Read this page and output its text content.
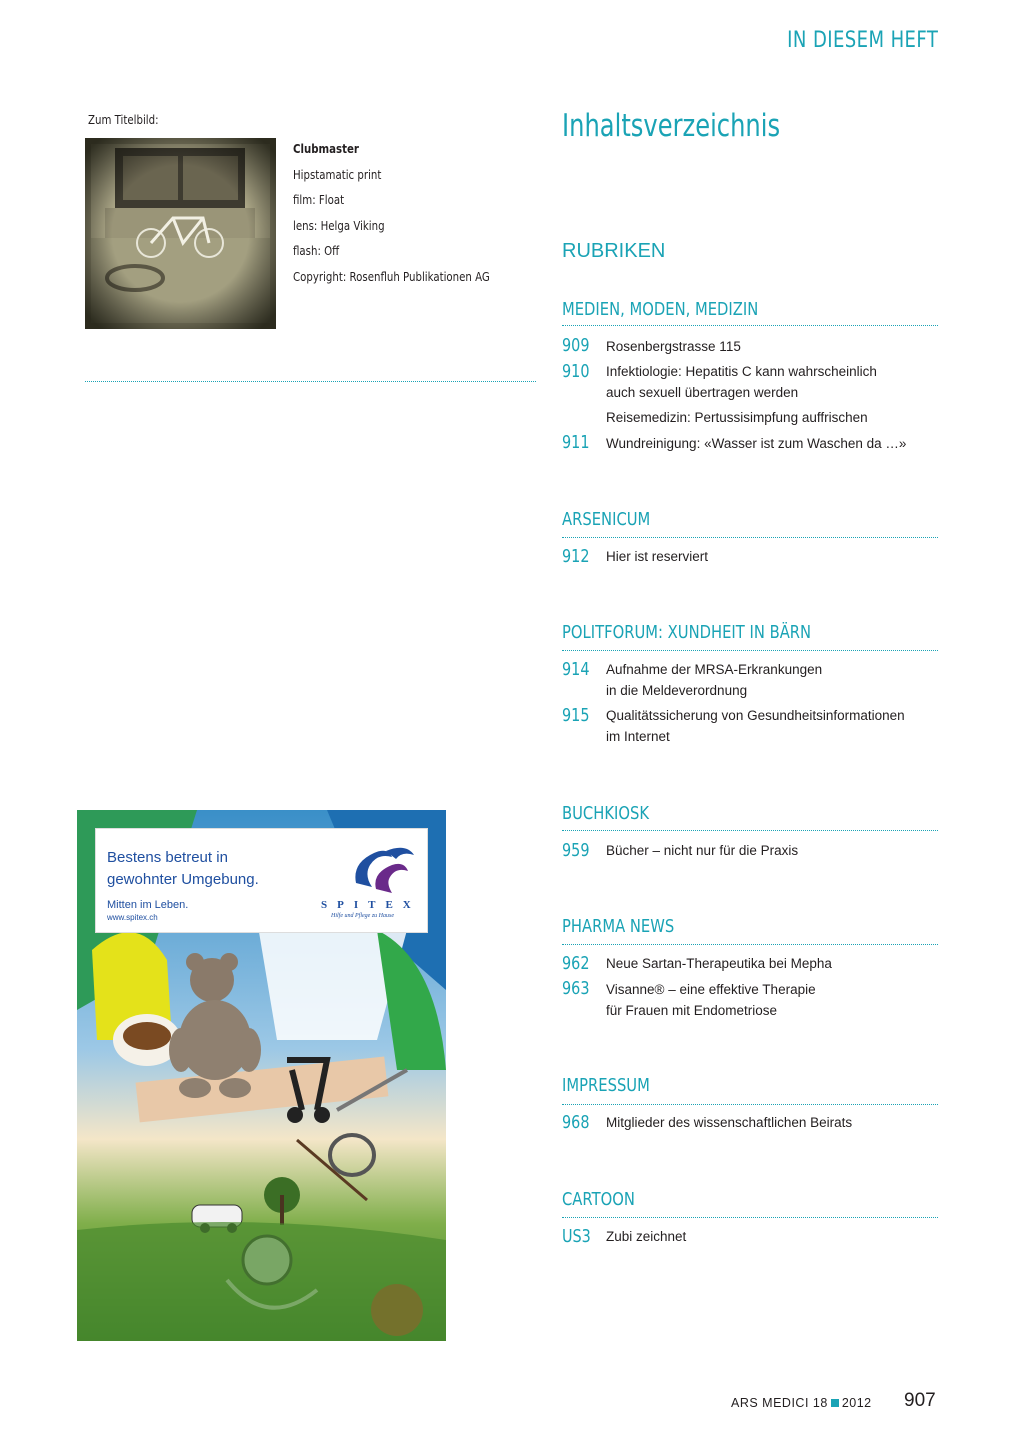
IN DIESEM HEFT
Zum Titelbild:
Clubmaster
Hipstamatic print
film: Float
lens: Helga Viking
flash: Off
Copyright: Rosenfluh Publikationen AG
Bestens betreut in
gewohnter Umgebung.
Mitten im Leben.
www.spitex.ch
SPITEX
Hilfe und Pflege zu Hause
Inhaltsverzeichnis
RUBRIKEN
MEDIEN, MODEN, MEDIZIN
909 Rosenbergstrasse 115
910 Infektiologie: Hepatitis C kann wahrscheinlich
auch sexuell übertragen werden
Reisemedizin: Pertussisimpfung auffrischen
911 Wundreinigung: «Wasser ist zum Waschen da …»
ARSENICUM
912 Hier ist reserviert
POLITFORUM: XUNDHEIT IN BÄRN
914 Aufnahme der MRSA-Erkrankungen
in die Meldeverordnung
915 Qualitätssicherung von Gesundheitsinformationen
im Internet
BUCHKIOSK
959 Bücher – nicht nur für die Praxis
PHARMA NEWS
962 Neue Sartan-Therapeutika bei Mepha
963 Visanne® – eine effektive Therapie
für Frauen mit Endometriose
IMPRESSUM
968 Mitglieder des wissenschaftlichen Beirats
CARTOON
US3 Zubi zeichnet
ARS MEDICI 18 2012 907
